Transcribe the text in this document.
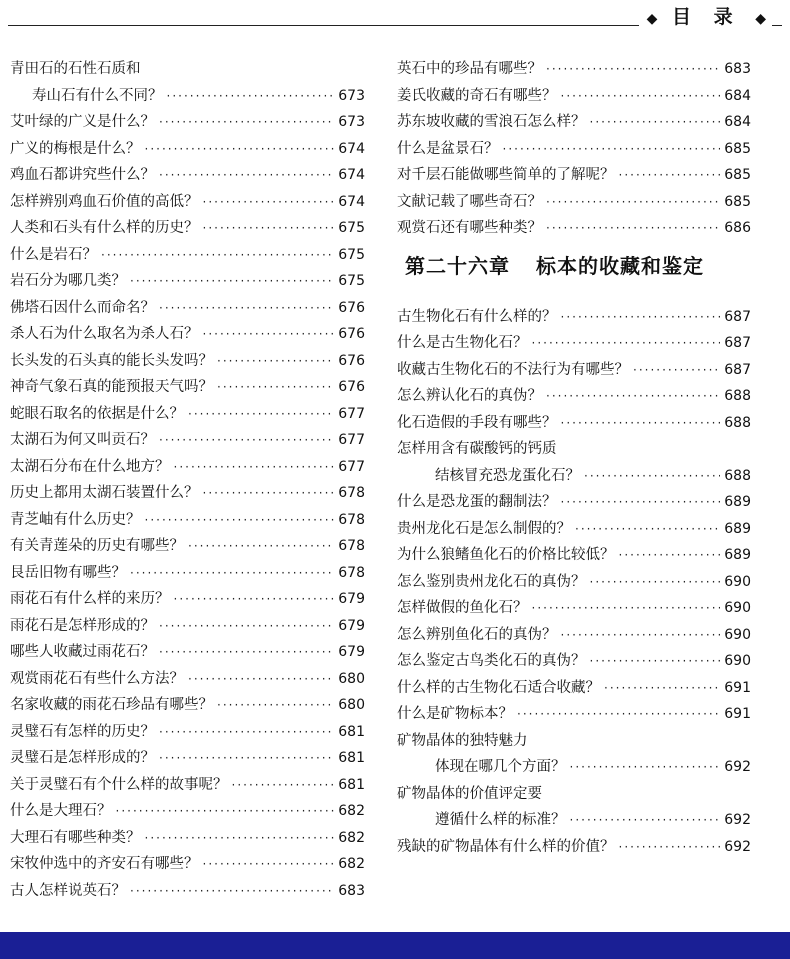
◆ 目 录 ◆
青田石的石性石质和
寿山石有什么不同？ ·····	673
艾叶绿的广义是什么？ ·····	673
广义的梅根是什么？ ·····	674
鸡血石都讲究些什么？ ·····	674
怎样辨别鸡血石价值的高低？ ·····	674
人类和石头有什么样的历史？ ·····	675
什么是岩石？ ·····	675
岩石分为哪几类？ ·····	675
佛塔石因什么而命名？ ·····	676
杀人石为什么取名为杀人石？ ·····	676
长头发的石头真的能长头发吗？ ·····	676
神奇气象石真的能预报天气吗？ ·····	676
蛇眼石取名的依据是什么？ ·····	677
太湖石为何又叫贡石？ ·····	677
太湖石分布在什么地方？ ·····	677
历史上都用太湖石装置什么？ ·····	678
青芝岫有什么历史？ ·····	678
有关青莲朵的历史有哪些？ ·····	678
艮岳旧物有哪些？ ·····	678
雨花石有什么样的来历？ ·····	679
雨花石是怎样形成的？ ·····	679
哪些人收藏过雨花石？ ·····	679
观赏雨花石有些什么方法？ ·····	680
名家收藏的雨花石珍品有哪些？ ·····	680
灵璧石有怎样的历史？ ·····	681
灵璧石是怎样形成的？ ·····	681
关于灵璧石有个什么样的故事呢？ ·····	681
什么是大理石？ ·····	682
大理石有哪些种类？ ·····	682
宋牧仲选中的齐安石有哪些？ ·····	682
古人怎样说英石？ ·····	683
英石中的珍品有哪些？ ·····	683
姜氏收藏的奇石有哪些？ ·····	684
苏东坡收藏的雪浪石怎么样？ ·····	684
什么是盆景石？ ·····	685
对千层石能做哪些简单的了解呢？ ·····	685
文献记载了哪些奇石？ ·····	685
观赏石还有哪些种类？ ·····	686
第二十六章 标本的收藏和鉴定
古生物化石有什么样的？ ·····	687
什么是古生物化石？ ·····	687
收藏古生物化石的不法行为有哪些？ ·····	687
怎么辨认化石的真伪？ ·····	688
化石造假的手段有哪些？ ·····	688
怎样用含有碳酸钙的钙质
结核冒充恐龙蛋化石？ ·····	688
什么是恐龙蛋的翻制法？ ·····	689
贵州龙化石是怎么制假的？ ·····	689
为什么狼鳍鱼化石的价格比较低？ ·····	689
怎么鉴别贵州龙化石的真伪？ ·····	690
怎样做假的鱼化石？ ·····	690
怎么辨别鱼化石的真伪？ ·····	690
怎么鉴定古鸟类化石的真伪？ ·····	690
什么样的古生物化石适合收藏？ ·····	691
什么是矿物标本？ ·····	691
矿物晶体的独特魅力
体现在哪几个方面？ ·····	692
矿物晶体的价值评定要
遵循什么样的标准？ ·····	692
残缺的矿物晶体有什么样的价值？ ·····	692
